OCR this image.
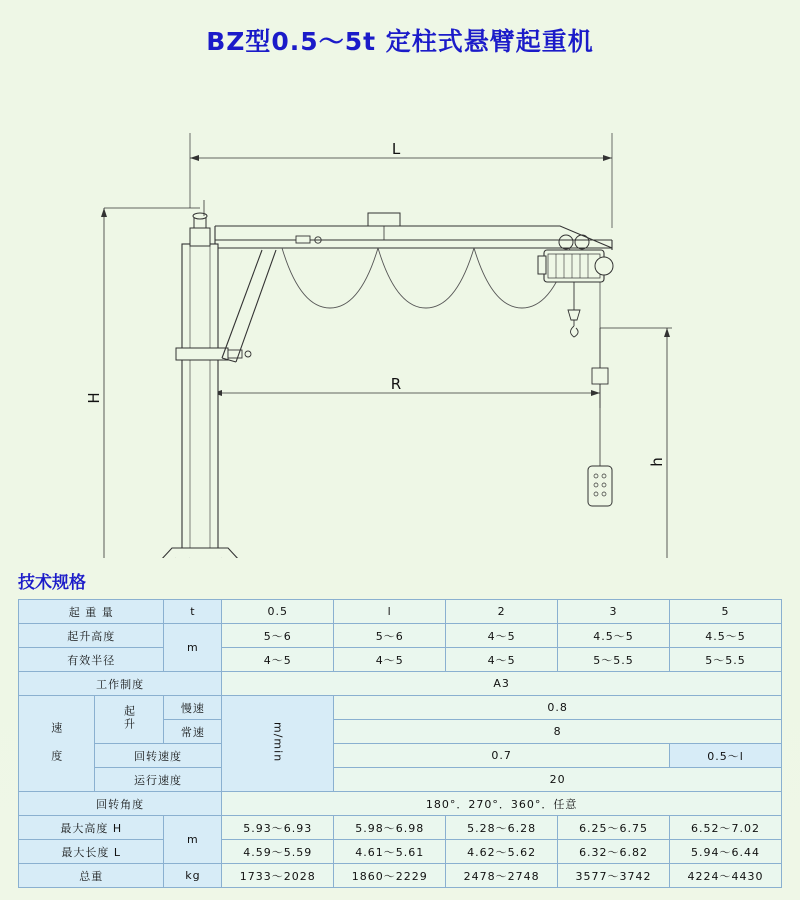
BZ型0.5～5t 定柱式悬臂起重机
L
R
H
h
技术规格
起 重 量		t	0.5	l	2	3	5
起升高度		m	5～6	5～6	4～5	4.5～5	4.5～5
有效半径			4～5	4～5	4～5	5～5.5	5～5.5
工作制度			A3				
速 度	起升	慢速	m/min	0.8			
		常速		8			
	回转速度			0.7			0.5～l
	运行速度			20			
回转角度			180°．270°．360°．任意				
最大高度 H		m	5.93～6.93	5.98～6.98	5.28～6.28	6.25～6.75	6.52～7.02
最大长度 L			4.59～5.59	4.61～5.61	4.62～5.62	6.32～6.82	5.94～6.44
总重		kg	1733～2028	1860～2229	2478～2748	3577～3742	4224～4430
